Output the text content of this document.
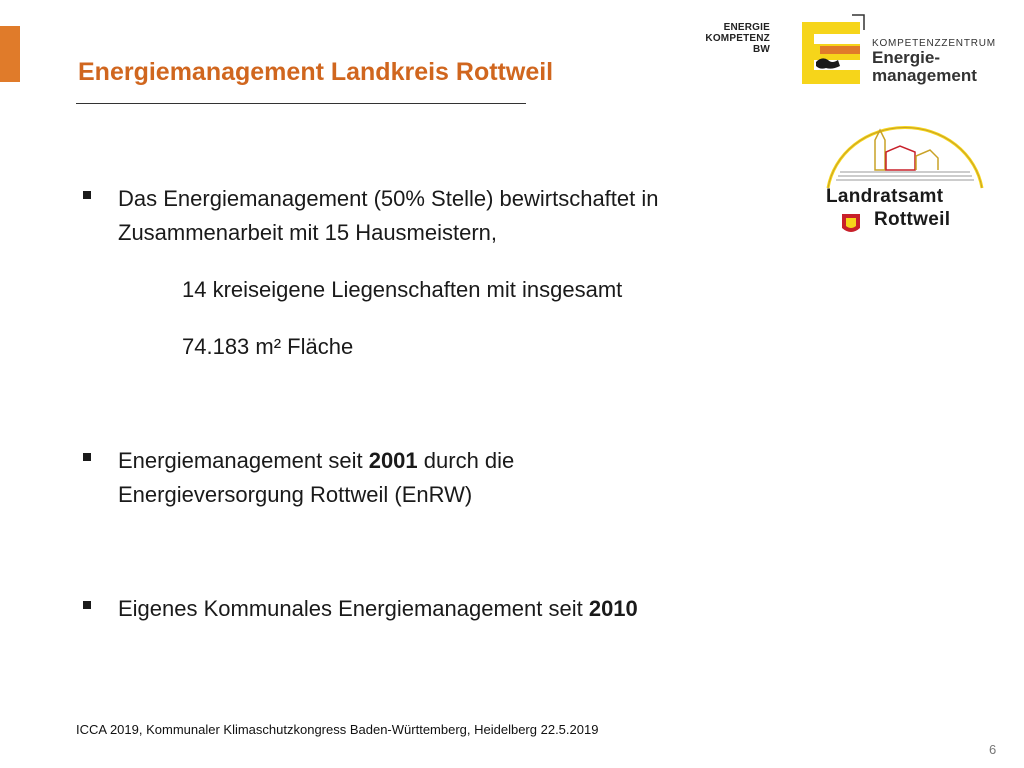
Energiemanagement Landkreis Rottweil
ENERGIE
KOMPETENZ
BW
KOMPETENZZENTRUM
Energie-
management
Landratsamt
Rottweil
Das Energiemanagement (50% Stelle) bewirtschaftet in
Zusammenarbeit mit 15 Hausmeistern,
14 kreiseigene Liegenschaften mit insgesamt
74.183 m² Fläche
Energiemanagement seit 2001 durch die
Energieversorgung Rottweil (EnRW)
Eigenes Kommunales Energiemanagement seit 2010
ICCA 2019, Kommunaler Klimaschutzkongress Baden-Württemberg, Heidelberg 22.5.2019
6
